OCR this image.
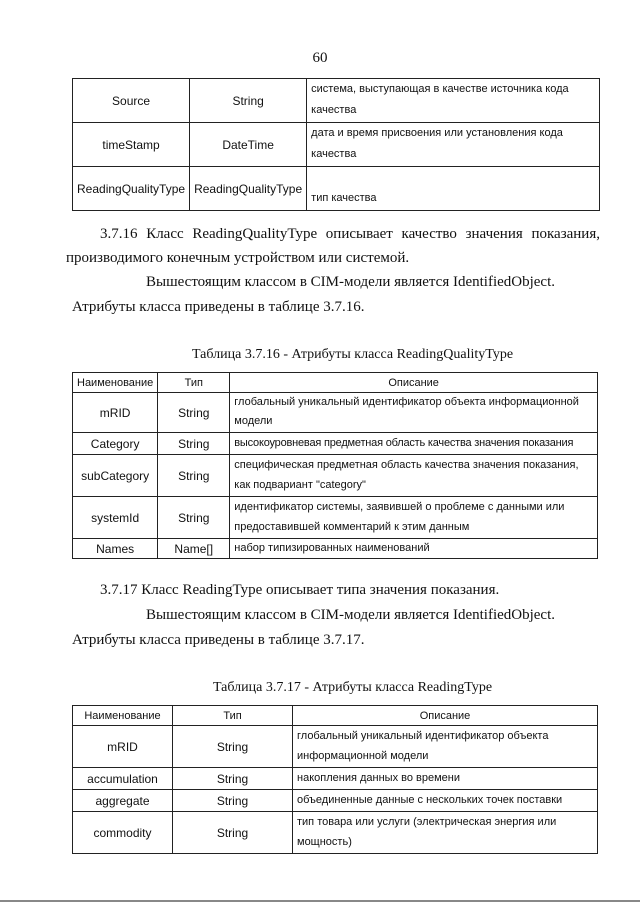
60
Source	String	система, выступающая в качестве источника кода
качества
timeStamp	DateTime	дата и время присвоения или установления кода
качества
ReadingQualityType	ReadingQualityType	тип качества
3.7.16 Класс ReadingQualityType описывает качество значения показания,
производимого конечным устройством или системой.
Вышестоящим классом в CIM-модели является IdentifiedObject.
Атрибуты класса приведены в таблице 3.7.16.
Таблица 3.7.16 - Атрибуты класса ReadingQualityType
Наименование	Тип	Описание
mRID	String	глобальный уникальный идентификатор объекта информационной
модели
Category	String	высокоуровневая предметная область качества значения показания
subCategory	String	специфическая предметная область качества значения показания,
как подвариант "category"
systemId	String	идентификатор системы, заявившей о проблеме с данными или
предоставившей комментарий к этим данным
Names	Name[]	набор типизированных наименований
3.7.17 Класс ReadingType описывает типа значения показания.
Вышестоящим классом в CIM-модели является IdentifiedObject.
Атрибуты класса приведены в таблице 3.7.17.
Таблица 3.7.17 - Атрибуты класса ReadingType
Наименование	Тип	Описание
mRID	String	глобальный уникальный идентификатор объекта
информационной модели
accumulation	String	накопления данных во времени
aggregate	String	объединенные данные с нескольких точек поставки
commodity	String	тип товара или услуги (электрическая энергия или
мощность)
